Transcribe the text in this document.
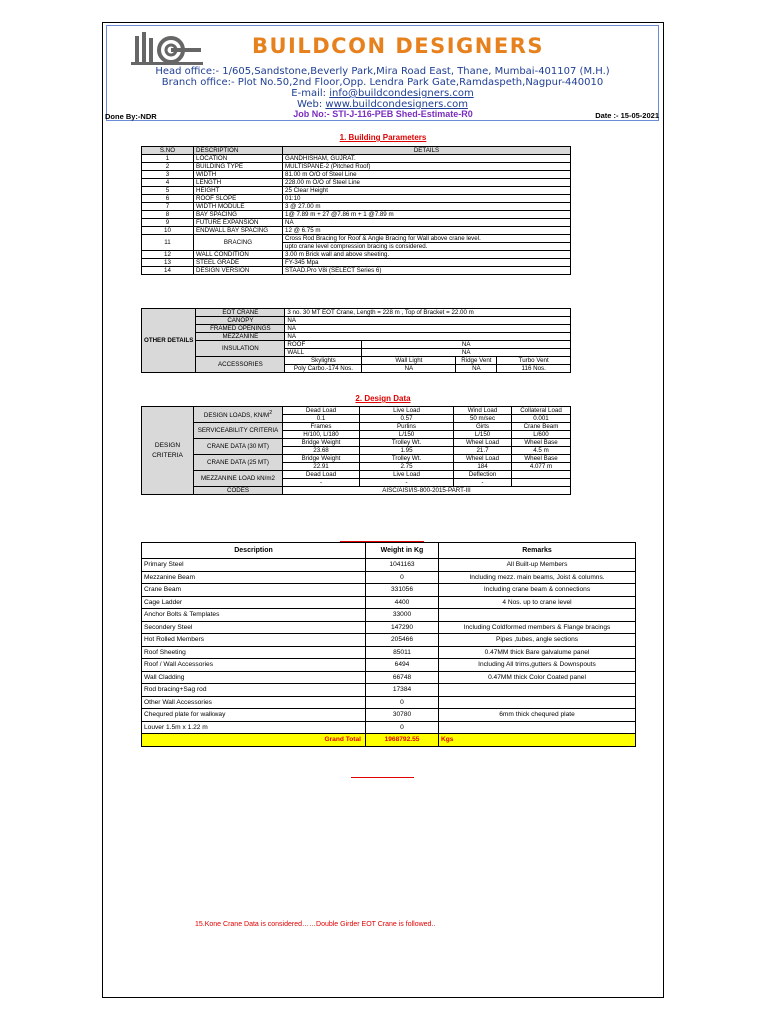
BUILDCON DESIGNERS
Head office:- 1/605,Sandstone,Beverly Park,Mira Road East, Thane, Mumbai-401107 (M.H.)
Branch office:- Plot No.50,2nd Floor,Opp. Lendra Park Gate,Ramdaspeth,Nagpur-440010
E-mail: info@buildcondesigners.com
Web: www.buildcondesigners.com
Done By:-NDR	Job No:- STI-J-116-PEB Shed-Estimate-R0	Date :- 15-05-2021
1. Building Parameters
S.NO	DESCRIPTION	DETAILS
1	LOCATION	GANDHISHAM, GUJRAT.
2	BUILDING TYPE	MULTISPANE-2 (Pitched Roof)
3	WIDTH	81.00 m O/O of Steel Line
4	LENGTH	228.00 m O/O of Steel Line
5	HEIGHT	25 Clear Height
6	ROOF SLOPE	01:10
7	WIDTH MODULE	3 @ 27.00 m
8	BAY SPACING	1@ 7.89 m + 27 @7.86 m + 1 @7.89 m
9	FUTURE EXPANSION	NA
10	ENDWALL BAY SPACING	12 @ 6.75 m
11	BRACING	Cross Rod Bracing for Roof & Angle Bracing for Wall above crane level.
		upto crane level compression bracing is considered.
12	WALL CONDITION	3.00 m Brick wall and above sheeting.
13	STEEL GRADE	FY-345 Mpa
14	DESIGN VERSION	STAAD.Pro V8i (SELECT Series 6)
OTHER DETAILS	EOT CRANE	3 no. 30 MT EOT Crane, Length = 228 m , Top of Bracket = 22.00 m			
	CANOPY	NA			
	FRAMED OPENINGS	NA			
	MEZZANINE	NA			
	INSULATION	ROOF	NA		
		WALL	NA		
	ACCESSORIES	Skylights	Wall Light	Ridge Vent	Turbo Vent
		Poly Carbo.-174 Nos.	NA	NA	116 Nos.
2. Design Data
DESIGN
CRITERIA	DESIGN LOADS, $KN/M^2$	Dead Load	Live Load	Wind Load	Collateral Load
		0.1	0.57	50 m/sec	0.001
	SERVICEABILITY CRITERIA	Frames	Purlins	Girts	Crane Beam
		H/100, L/180	L/150	L/150	L/600
	CRANE DATA (30 MT)	Bridge Weight	Trolley Wt.	Wheel Load	Wheel Base
		23.68	1.95	21.7	4.5 m
	CRANE DATA (25 MT)	Bridge Weight	Trolley Wt.	Wheel Load	Wheel Base
		22.91	2.75	184	4.077 m
	MEZZANINE LOAD kN/m2	Dead Load	Live Load	Deflection	
		-	-	-	
	CODES	AISC/AISI/IS-800-2015-PART-III			
Description	Weight in Kg	Remarks
Primary Steel	1041163	All Built-up Members
Mezzanine Beam	0	Including mezz. main beams, Joist & columns.
Crane Beam	331056	Including crane beam & connections
Cage Ladder	4400	4 Nos. up to crane level
Anchor Bolts & Templates	33000	
Secondery Steel	147290	Including Coldformed members & Flange bracings
Hot Rolled Members	205466	Pipes ,tubes, angle sections
Roof Sheeting	85011	0.47MM thick Bare galvalume panel
Roof / Wall Accessories	6494	Including All trims,gutters & Downspouts
Wall Cladding	66748	0.47MM thick Color Coated panel
Rod bracing+Sag rod	17384	
Other Wall Accessories	0	
Chequred plate for walkway	30780	6mm thick chequred plate
Louver 1.5m x 1.22 m	0	
Grand Total	1968792.55	Kgs
15.Kone Crane Data is considered……Double Girder EOT Crane is followed..
